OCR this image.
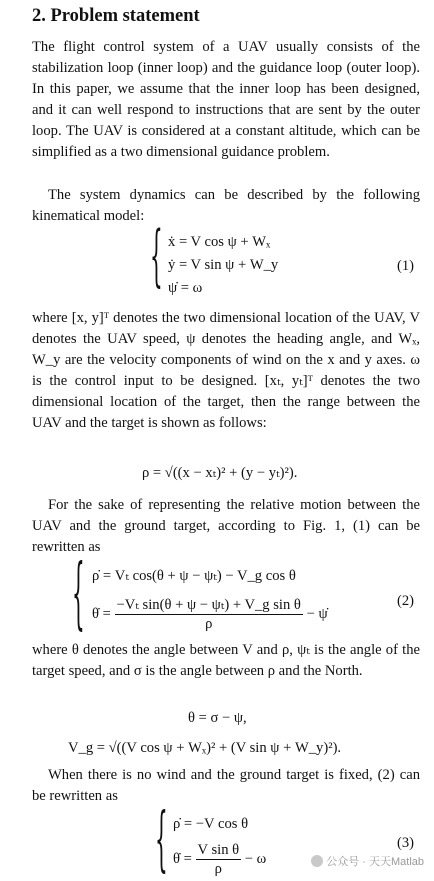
2. Problem statement

The flight control system of a UAV usually consists of the stabilization loop (inner loop) and the guidance loop (outer loop). In this paper, we assume that the inner loop has been designed, and it can well respond to instructions that are sent by the outer loop. The UAV is considered at a constant altitude, which can be simplified as a two dimensional guidance problem.

The system dynamics can be described by the following kinematical model: { ẋ = V cos ψ + Wₓ
ẏ = V sin ψ + W_y
ψ̇ = ω
(1)

where [x, y]ᵀ denotes the two dimensional location of the UAV, V denotes the UAV speed, ψ denotes the heading angle, and Wₓ, W_y are the velocity components of wind on the x and y axes. ω is the control input to be designed. [xₜ, yₜ]ᵀ denotes the two dimensional location of the target, then the range between the UAV and the target is shown as follows:

ρ = √((x − xₜ)² + (y − yₜ)²).

For the sake of representing the relative motion between the UAV and the ground target, according to Fig. 1, (1) can be rewritten as

{ ρ̇ = Vₜ cos(θ + ψ − ψₜ) − V_g cos θ
θ̇ = $\frac{\text{−Vₜ sin(θ + ψ − ψₜ) + V\_g sin θ}}{\rho}$ − ψ̇
(2)

where θ denotes the angle between V and ρ, ψₜ is the angle of the target speed, and σ is the angle between ρ and the North.

θ = σ − ψ,
V_g = √((V cos ψ + Wₓ)² + (V sin ψ + W_y)²).

When there is no wind and the ground target is fixed, (2) can be rewritten as	{ ρ̇ = −V cos θ
θ̇ = $\frac{\text{V sin θ}}{\rho} - \omega$
(3)
公众号 · 天天Matlab
